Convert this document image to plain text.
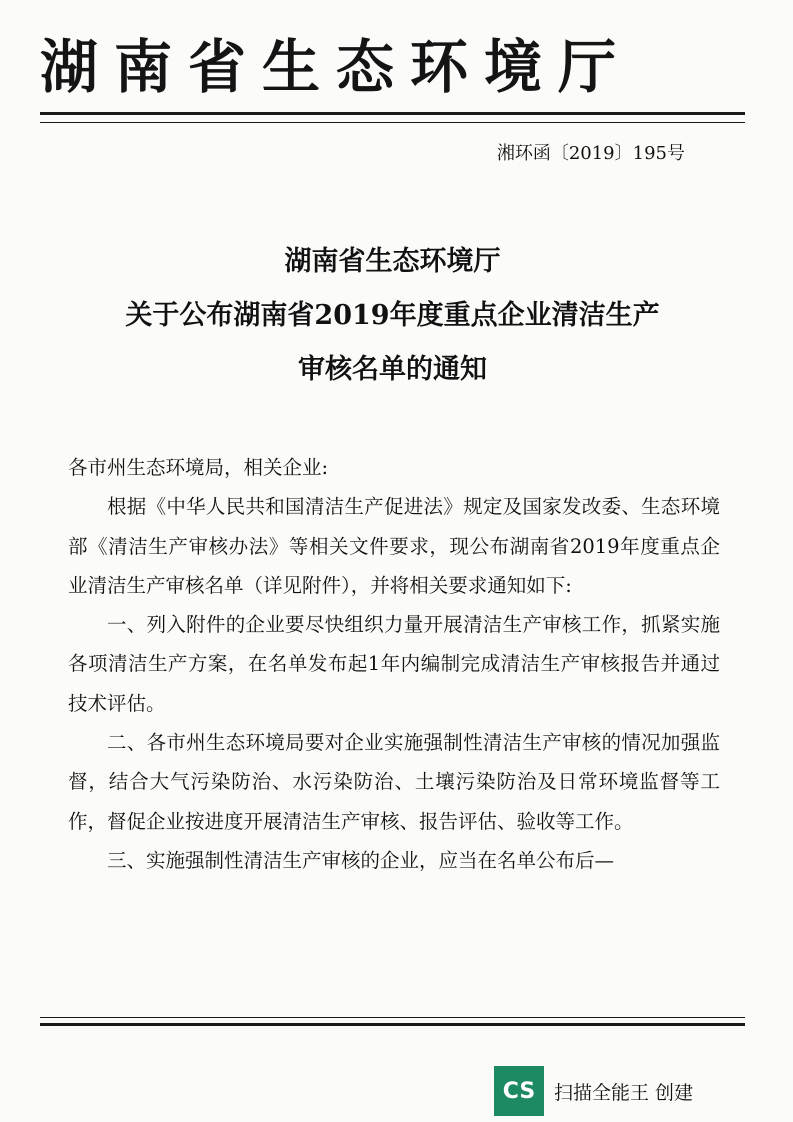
湖南省生态环境厅
湘环函〔2019〕195号
湖南省生态环境厅
关于公布湖南省2019年度重点企业清洁生产
审核名单的通知

各市州生态环境局，相关企业:

根据《中华人民共和国清洁生产促进法》规定及国家发改委、生态环境部《清洁生产审核办法》等相关文件要求，现公布湖南省2019年度重点企业清洁生产审核名单（详见附件），并将相关要求通知如下:

一、列入附件的企业要尽快组织力量开展清洁生产审核工作，抓紧实施各项清洁生产方案，在名单发布起1年内编制完成清洁生产审核报告并通过技术评估。

二、各市州生态环境局要对企业实施强制性清洁生产审核的情况加强监督，结合大气污染防治、水污染防治、土壤污染防治及日常环境监督等工作，督促企业按进度开展清洁生产审核、报告评估、验收等工作。

三、实施强制性清洁生产审核的企业，应当在名单公布后—

CS 扫描全能王 创建
